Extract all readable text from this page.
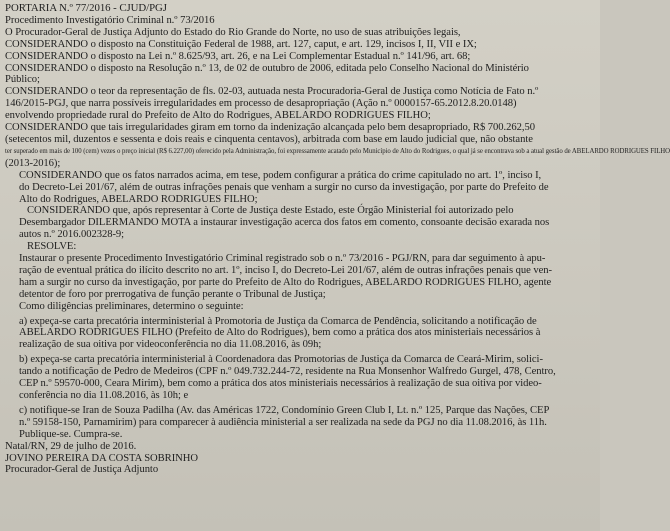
PORTARIA N.º 77/2016 - CJUD/PGJ
Procedimento Investigatório Criminal n.º 73/2016
O Procurador-Geral de Justiça Adjunto do Estado do Rio Grande do Norte, no uso de suas atribuições legais,
CONSIDERANDO o disposto na Constituição Federal de 1988, art. 127, caput, e art. 129, incisos I, II, VII e IX;
CONSIDERANDO o disposto na Lei n.º 8.625/93, art. 26, e na Lei Complementar Estadual n.º 141/96, art. 68;
CONSIDERANDO o disposto na Resolução n.º 13, de 02 de outubro de 2006, editada pelo Conselho Nacional do Ministério
Público;
CONSIDERANDO o teor da representação de fls. 02-03, autuada nesta Procuradoria-Geral de Justiça como Notícia de Fato n.º
146/2015-PGJ, que narra possíveis irregularidades em processo de desapropriação (Ação n.º 0000157-65.2012.8.20.0148)
envolvendo propriedade rural do Prefeito de Alto do Rodrigues, ABELARDO RODRIGUES FILHO;
CONSIDERANDO que tais irregularidades giram em torno da indenização alcançada pelo bem desapropriado, R$ 700.262,50
(setecentos mil, duzentos e sessenta e dois reais e cinquenta centavos), arbitrada com base em laudo judicial que, não obstante
ter superado em mais de 100 (cem) vezes o preço inicial (R$ 6.227,00) oferecido pela Administração, foi expressamente acatado pelo Município de Alto do Rodrigues, o qual já se encontrava sob a atual gestão de ABELARDO RODRIGUES FILHO
(2013-2016);
CONSIDERANDO que os fatos narrados acima, em tese, podem configurar a prática do crime capitulado no art. 1º, inciso I,
do Decreto-Lei 201/67, além de outras infrações penais que venham a surgir no curso da investigação, por parte do Prefeito de
Alto do Rodrigues, ABELARDO RODRIGUES FILHO;
CONSIDERANDO que, após representar à Corte de Justiça deste Estado, este Órgão Ministerial foi autorizado pelo
Desembargador DILERMANDO MOTA a instaurar investigação acerca dos fatos em comento, consoante decisão exarada nos
autos n.º 2016.002328-9;
RESOLVE:
Instaurar o presente Procedimento Investigatório Criminal registrado sob o n.º 73/2016 - PGJ/RN, para dar seguimento à apu-
ração de eventual prática do ilícito descrito no art. 1º, inciso I, do Decreto-Lei 201/67, além de outras infrações penais que ven-
ham a surgir no curso da investigação, por parte do Prefeito de Alto do Rodrigues, ABELARDO RODRIGUES FILHO, agente
detentor de foro por prerrogativa de função perante o Tribunal de Justiça;
Como diligências preliminares, determino o seguinte:
a) expeça-se carta precatória interministerial à Promotoria de Justiça da Comarca de Pendência, solicitando a notificação de
ABELARDO RODRIGUES FILHO (Prefeito de Alto do Rodrigues), bem como a prática dos atos ministeriais necessários à
realização de sua oitiva por videoconferência no dia 11.08.2016, às 09h;
b) expeça-se carta precatória interministerial à Coordenadora das Promotorias de Justiça da Comarca de Ceará-Mirim, solici-
tando a notificação de Pedro de Medeiros (CPF n.º 049.732.244-72, residente na Rua Monsenhor Walfredo Gurgel, 478, Centro,
CEP n.º 59570-000, Ceara Mirim), bem como a prática dos atos ministeriais necessários à realização de sua oitiva por video-
conferência no dia 11.08.2016, às 10h; e
c) notifique-se Iran de Souza Padilha (Av. das Américas 1722, Condomínio Green Club I, Lt. n.º 125, Parque das Nações, CEP
n.º 59158-150, Parnamirim) para comparecer à audiência ministerial a ser realizada na sede da PGJ no dia 11.08.2016, às 11h.
Publique-se. Cumpra-se.
Natal/RN, 29 de julho de 2016.
JOVINO PEREIRA DA COSTA SOBRINHO
Procurador-Geral de Justiça Adjunto
